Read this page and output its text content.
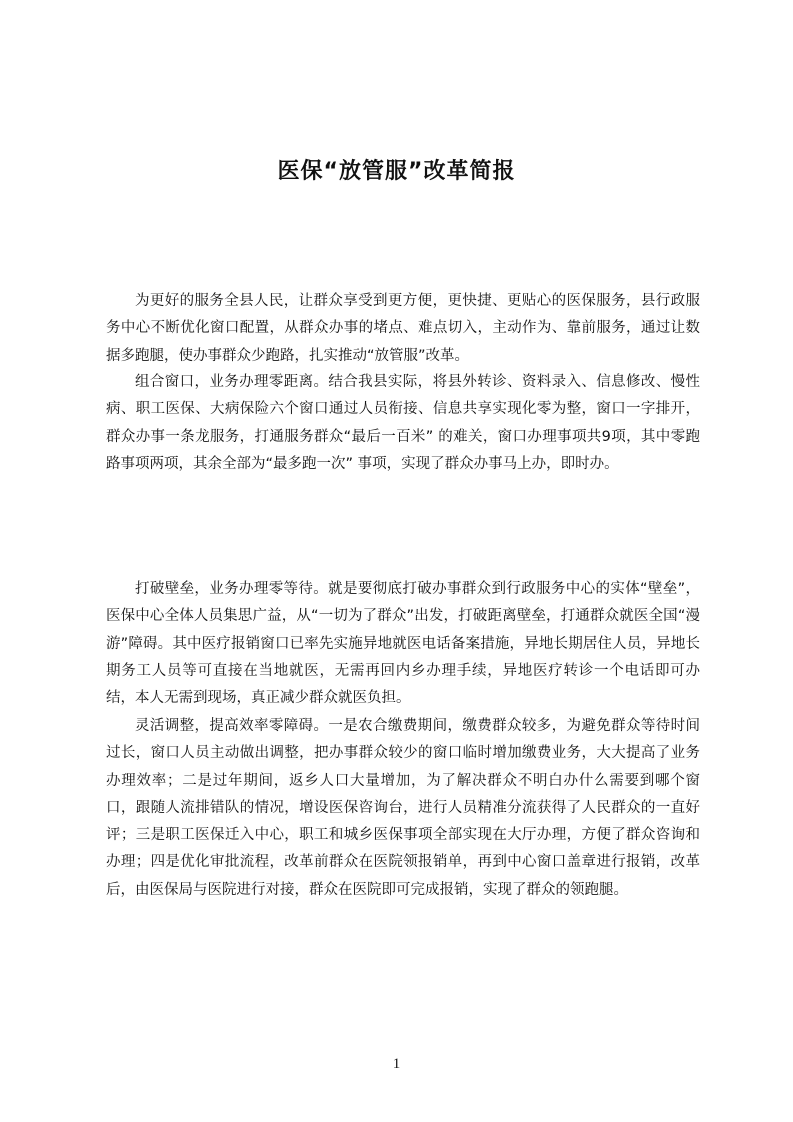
医保“放管服”改革简报

为更好的服务全县人民，让群众享受到更方便，更快捷、更贴心的医保服务，县行政服务中心不断优化窗口配置，从群众办事的堵点、难点切入，主动作为、靠前服务，通过让数据多跑腿，使办事群众少跑路，扎实推动“放管服”改革。

组合窗口，业务办理零距离。结合我县实际，将县外转诊、资料录入、信息修改、慢性病、职工医保、大病保险六个窗口通过人员衔接、信息共享实现化零为整，窗口一字排开，群众办事一条龙服务，打通服务群众“最后一百米” 的难关，窗口办理事项共9项，其中零跑路事项两项，其余全部为“最多跑一次” 事项，实现了群众办事马上办，即时办。

打破壁垒，业务办理零等待。就是要彻底打破办事群众到行政服务中心的实体“壁垒”，医保中心全体人员集思广益，从“一切为了群众”出发，打破距离壁垒，打通群众就医全国“漫游”障碍。其中医疗报销窗口已率先实施异地就医电话备案措施，异地长期居住人员，异地长期务工人员等可直接在当地就医，无需再回内乡办理手续，异地医疗转诊一个电话即可办结，本人无需到现场，真正减少群众就医负担。

灵活调整，提高效率零障碍。一是农合缴费期间，缴费群众较多，为避免群众等待时间过长，窗口人员主动做出调整，把办事群众较少的窗口临时增加缴费业务，大大提高了业务办理效率；二是过年期间，返乡人口大量增加，为了解决群众不明白办什么需要到哪个窗口，跟随人流排错队的情况，增设医保咨询台，进行人员精准分流获得了人民群众的一直好评；三是职工医保迁入中心，职工和城乡医保事项全部实现在大厅办理，方便了群众咨询和办理；四是优化审批流程，改革前群众在医院领报销单，再到中心窗口盖章进行报销，改革后，由医保局与医院进行对接，群众在医院即可完成报销，实现了群众的领跑腿。

1
